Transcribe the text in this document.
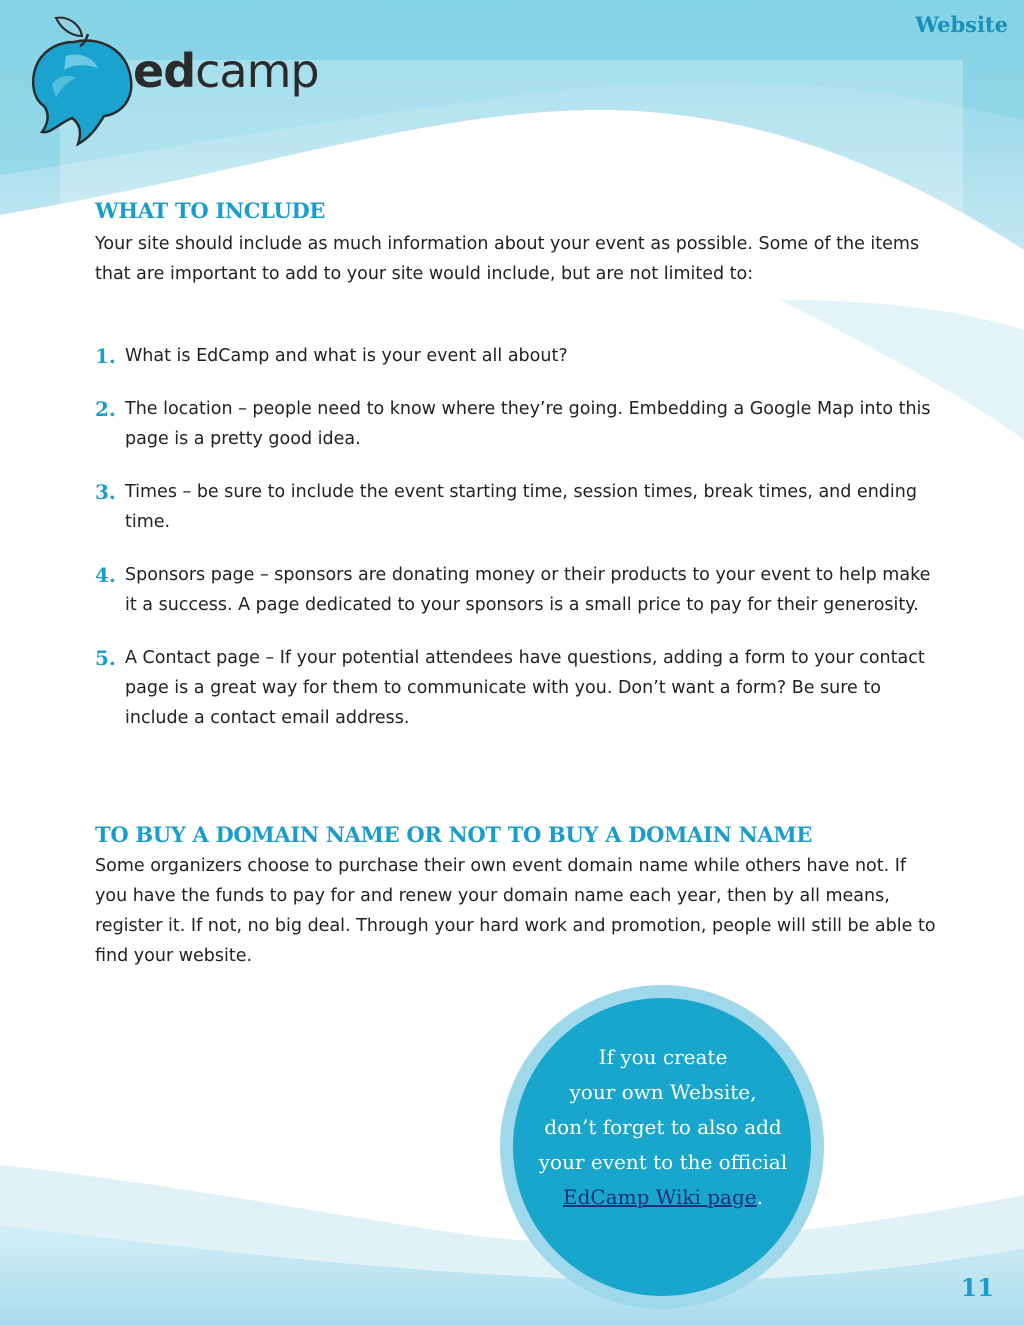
Website
edcamp
WHAT TO INCLUDE

Your site should include as much information about your event as possible. Some of the items that are important to add to your site would include, but are not limited to:

1. What is EdCamp and what is your event all about?
2. The location – people need to know where they’re going. Embedding a Google Map into this page is a pretty good idea.
3. Times – be sure to include the event starting time, session times, break times, and ending time.
4. Sponsors page – sponsors are donating money or their products to your event to help make it a success. A page dedicated to your sponsors is a small price to pay for their generosity.
5. A Contact page – If your potential attendees have questions, adding a form to your contact page is a great way for them to communicate with you. Don’t want a form? Be sure to include a contact email address.
TO BUY A DOMAIN NAME OR NOT TO BUY A DOMAIN NAME

Some organizers choose to purchase their own event domain name while others have not. If you have the funds to pay for and renew your domain name each year, then by all means, register it. If not, no big deal. Through your hard work and promotion, people will still be able to find your website.

If you create
your own Website,
don’t forget to also add
your event to the official
EdCamp Wiki page.
11
